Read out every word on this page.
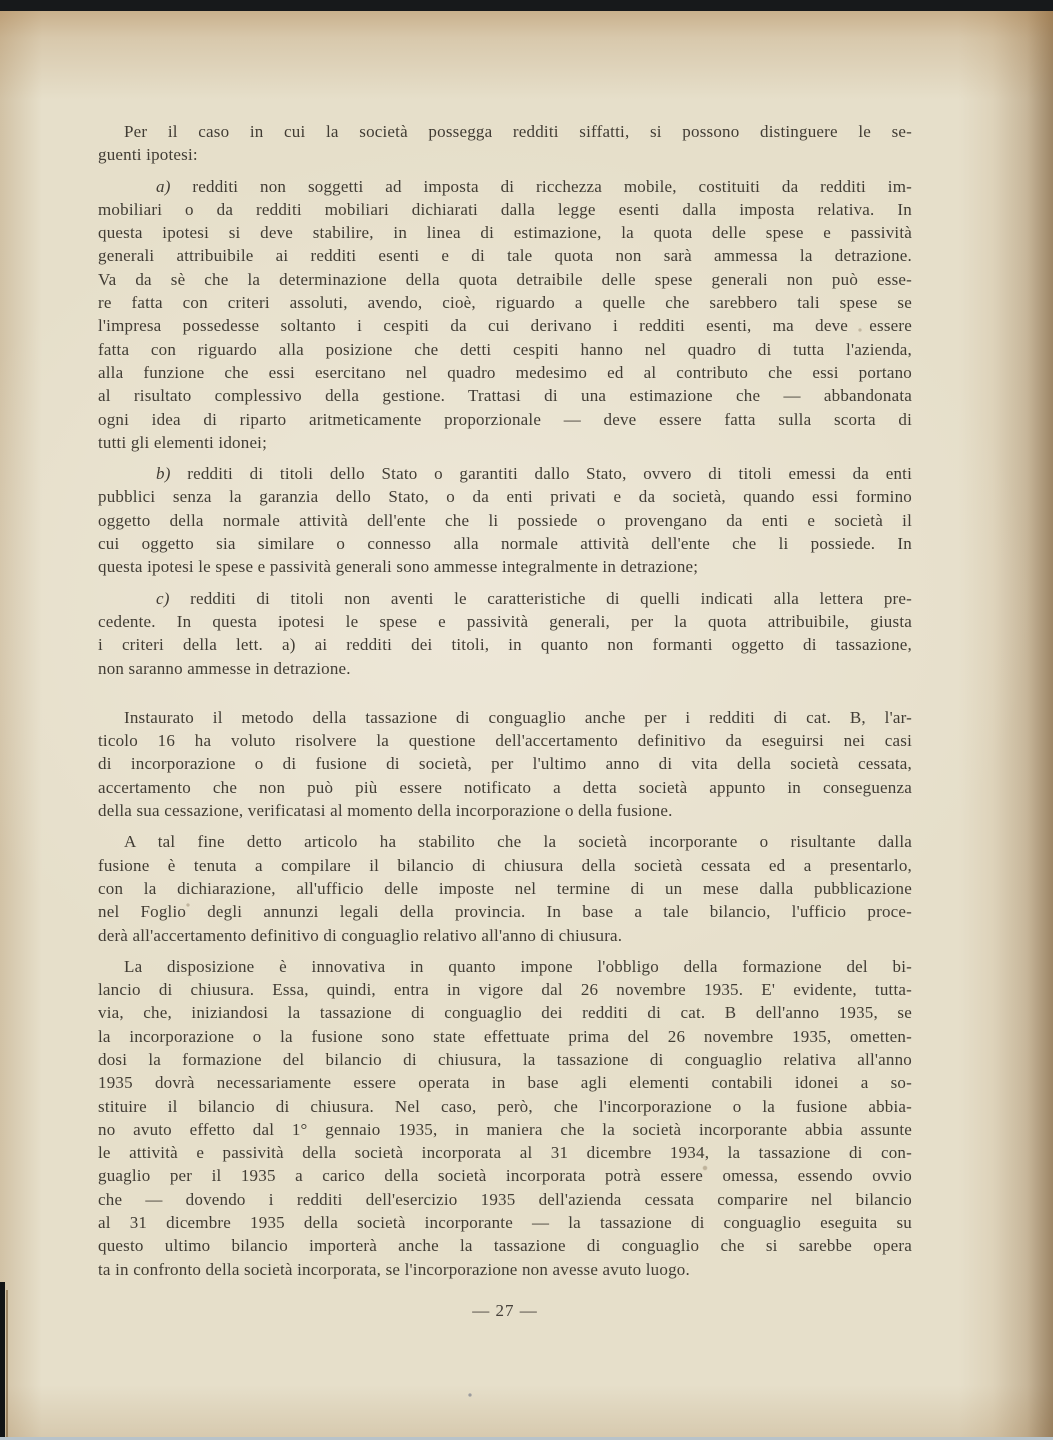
Per il caso in cui la società possegga redditi siffatti, si possono distinguere le se-
guenti ipotesi:
a) redditi non soggetti ad imposta di ricchezza mobile, costituiti da redditi im-
mobiliari o da redditi mobiliari dichiarati dalla legge esenti dalla imposta relativa. In
questa ipotesi si deve stabilire, in linea di estimazione, la quota delle spese e passività
generali attribuibile ai redditi esenti e di tale quota non sarà ammessa la detrazione.
Va da sè che la determinazione della quota detraibile delle spese generali non può esse-
re fatta con criteri assoluti, avendo, cioè, riguardo a quelle che sarebbero tali spese se
l'impresa possedesse soltanto i cespiti da cui derivano i redditi esenti, ma deve essere
fatta con riguardo alla posizione che detti cespiti hanno nel quadro di tutta l'azienda,
alla funzione che essi esercitano nel quadro medesimo ed al contributo che essi portano
al risultato complessivo della gestione. Trattasi di una estimazione che — abbandonata
ogni idea di riparto aritmeticamente proporzionale — deve essere fatta sulla scorta di
tutti gli elementi idonei;
b) redditi di titoli dello Stato o garantiti dallo Stato, ovvero di titoli emessi da enti
pubblici senza la garanzia dello Stato, o da enti privati e da società, quando essi formino
oggetto della normale attività dell'ente che li possiede o provengano da enti e società il
cui oggetto sia similare o connesso alla normale attività dell'ente che li possiede. In
questa ipotesi le spese e passività generali sono ammesse integralmente in detrazione;
c) redditi di titoli non aventi le caratteristiche di quelli indicati alla lettera pre-
cedente. In questa ipotesi le spese e passività generali, per la quota attribuibile, giusta
i criteri della lett. a) ai redditi dei titoli, in quanto non formanti oggetto di tassazione,
non saranno ammesse in detrazione.
Instaurato il metodo della tassazione di conguaglio anche per i redditi di cat. B, l'ar-
ticolo 16 ha voluto risolvere la questione dell'accertamento definitivo da eseguirsi nei casi
di incorporazione o di fusione di società, per l'ultimo anno di vita della società cessata,
accertamento che non può più essere notificato a detta società appunto in conseguenza
della sua cessazione, verificatasi al momento della incorporazione o della fusione.
A tal fine detto articolo ha stabilito che la società incorporante o risultante dalla
fusione è tenuta a compilare il bilancio di chiusura della società cessata ed a presentarlo,
con la dichiarazione, all'ufficio delle imposte nel termine di un mese dalla pubblicazione
nel Foglio degli annunzi legali della provincia. In base a tale bilancio, l'ufficio proce-
derà all'accertamento definitivo di conguaglio relativo all'anno di chiusura.
La disposizione è innovativa in quanto impone l'obbligo della formazione del bi-
lancio di chiusura. Essa, quindi, entra in vigore dal 26 novembre 1935. E' evidente, tutta-
via, che, iniziandosi la tassazione di conguaglio dei redditi di cat. B dell'anno 1935, se
la incorporazione o la fusione sono state effettuate prima del 26 novembre 1935, ometten-
dosi la formazione del bilancio di chiusura, la tassazione di conguaglio relativa all'anno
1935 dovrà necessariamente essere operata in base agli elementi contabili idonei a so-
stituire il bilancio di chiusura. Nel caso, però, che l'incorporazione o la fusione abbia-
no avuto effetto dal 1° gennaio 1935, in maniera che la società incorporante abbia assunte
le attività e passività della società incorporata al 31 dicembre 1934, la tassazione di con-
guaglio per il 1935 a carico della società incorporata potrà essere omessa, essendo ovvio
che — dovendo i redditi dell'esercizio 1935 dell'azienda cessata comparire nel bilancio
al 31 dicembre 1935 della società incorporante — la tassazione di conguaglio eseguita su
questo ultimo bilancio importerà anche la tassazione di conguaglio che si sarebbe opera
ta in confronto della società incorporata, se l'incorporazione non avesse avuto luogo.
— 27 —
